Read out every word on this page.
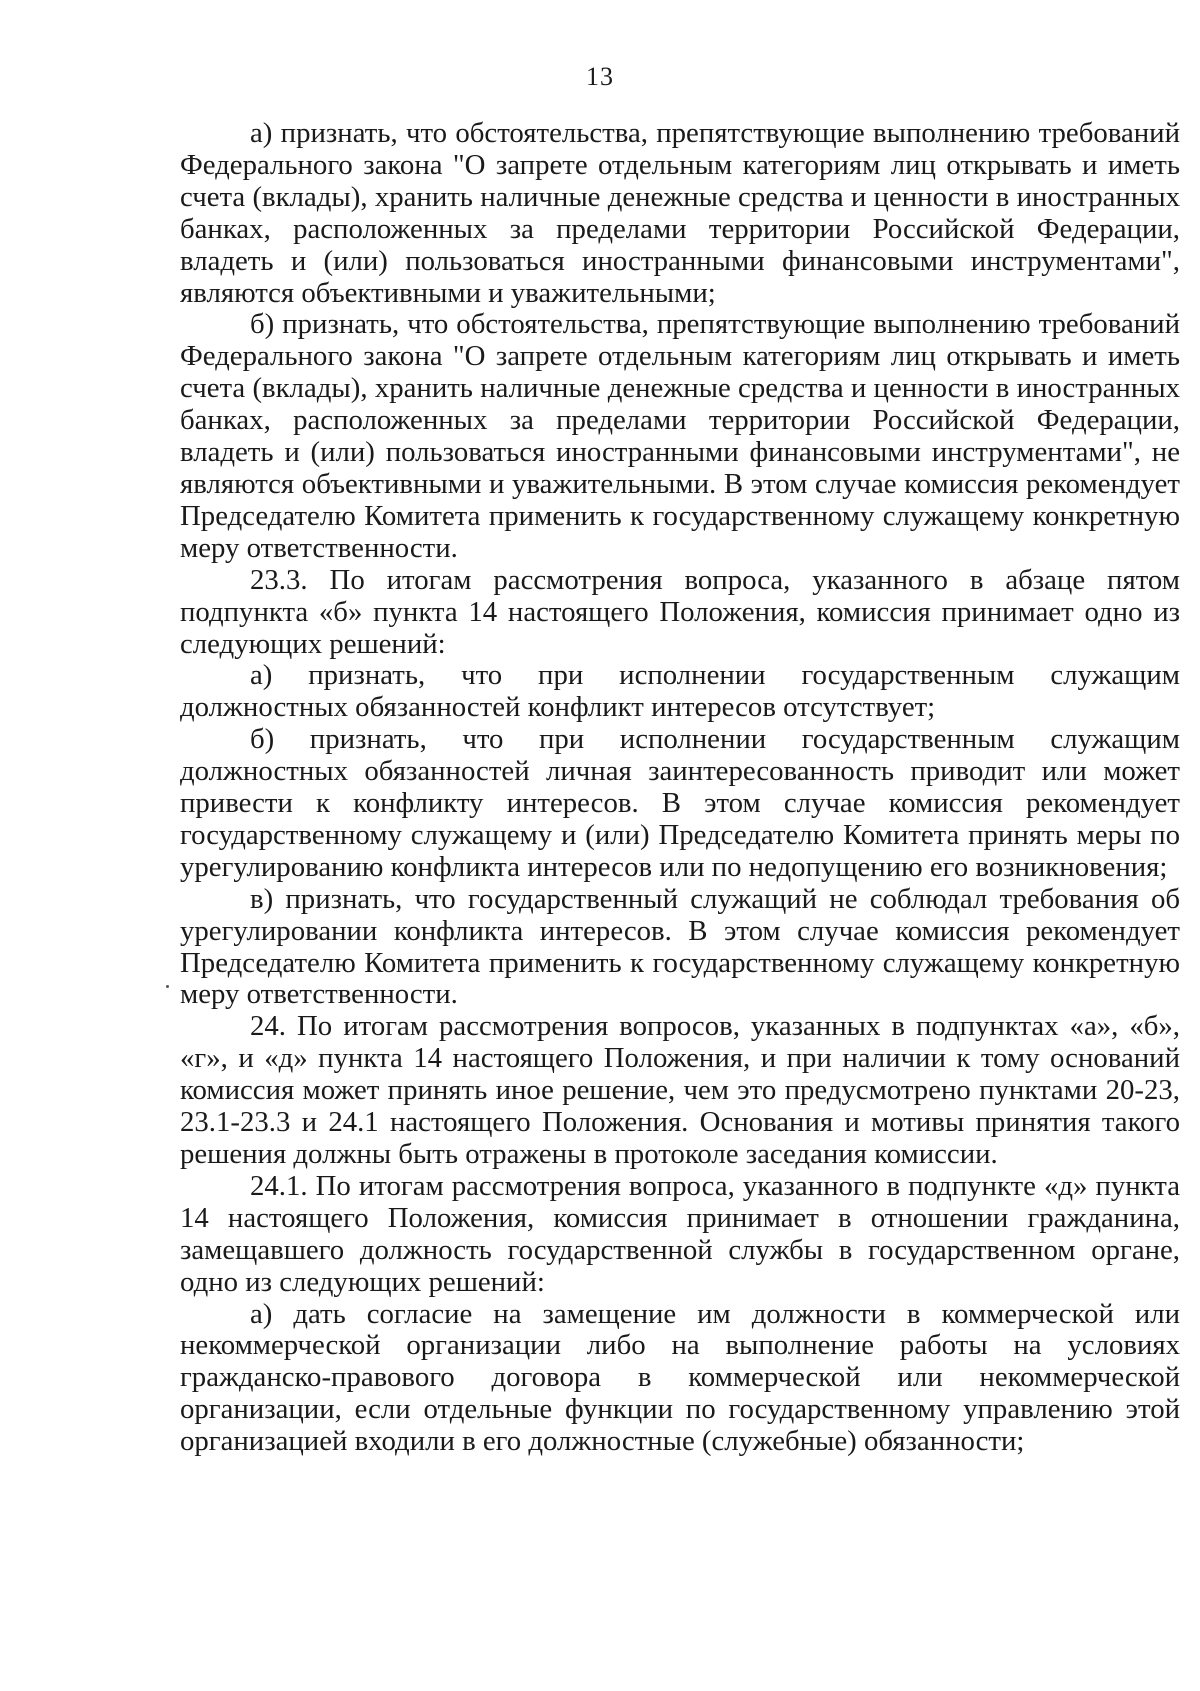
13

а) признать, что обстоятельства, препятствующие выполнению требований Федерального закона "О запрете отдельным категориям лиц открывать и иметь счета (вклады), хранить наличные денежные средства и ценности в иностранных банках, расположенных за пределами территории Российской Федерации, владеть и (или) пользоваться иностранными финансовыми инструментами", являются объективными и уважительными;

б) признать, что обстоятельства, препятствующие выполнению требований Федерального закона "О запрете отдельным категориям лиц открывать и иметь счета (вклады), хранить наличные денежные средства и ценности в иностранных банках, расположенных за пределами территории Российской Федерации, владеть и (или) пользоваться иностранными финансовыми инструментами", не являются объективными и уважительными. В этом случае комиссия рекомендует Председателю Комитета применить к государственному служащему конкретную меру ответственности.

23.3. По итогам рассмотрения вопроса, указанного в абзаце пятом подпункта «б» пункта 14 настоящего Положения, комиссия принимает одно из следующих решений:

а) признать, что при исполнении государственным служащим должностных обязанностей конфликт интересов отсутствует;

б) признать, что при исполнении государственным служащим должностных обязанностей личная заинтересованность приводит или может привести к конфликту интересов. В этом случае комиссия рекомендует государственному служащему и (или) Председателю Комитета принять меры по урегулированию конфликта интересов или по недопущению его возникновения;

в) признать, что государственный служащий не соблюдал требования об урегулировании конфликта интересов. В этом случае комиссия рекомендует Председателю Комитета применить к государственному служащему конкретную меру ответственности.

24. По итогам рассмотрения вопросов, указанных в подпунктах «а», «б», «г», и «д» пункта 14 настоящего Положения, и при наличии к тому оснований комиссия может принять иное решение, чем это предусмотрено пунктами 20-23, 23.1-23.3 и 24.1 настоящего Положения. Основания и мотивы принятия такого решения должны быть отражены в протоколе заседания комиссии.

24.1. По итогам рассмотрения вопроса, указанного в подпункте «д» пункта 14 настоящего Положения, комиссия принимает в отношении гражданина, замещавшего должность государственной службы в государственном органе, одно из следующих решений:

а) дать согласие на замещение им должности в коммерческой или некоммерческой организации либо на выполнение работы на условиях гражданско-правового договора в коммерческой или некоммерческой организации, если отдельные функции по государственному управлению этой организацией входили в его должностные (служебные) обязанности;
